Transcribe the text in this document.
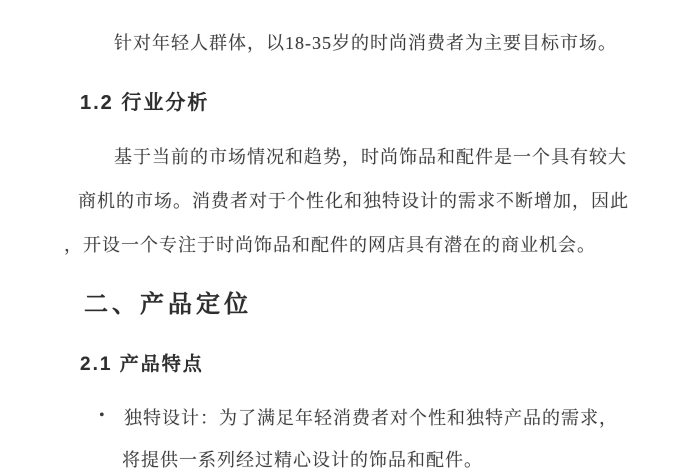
针对年轻人群体，以18-35岁的时尚消费者为主要目标市场。

1.2 行业分析

基于当前的市场情况和趋势，时尚饰品和配件是一个具有较大

商机的市场。消费者对于个性化和独特设计的需求不断增加，因此

，开设一个专注于时尚饰品和配件的网店具有潜在的商业机会。

二、产品定位
2.1 产品特点
• 独特设计：为了满足年轻消费者对个性和独特产品的需求，

将提供一系列经过精心设计的饰品和配件。
